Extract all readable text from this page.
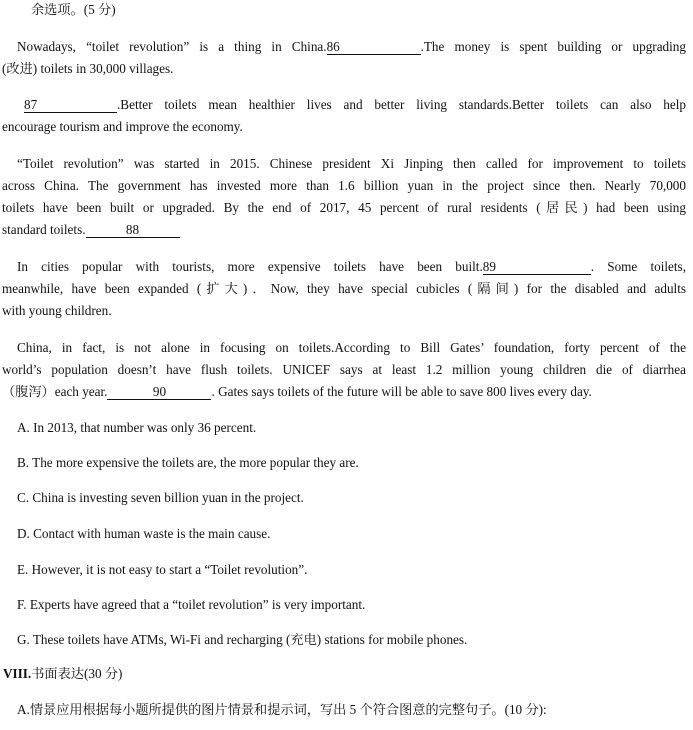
余选项。(5 分)
Nowadays, “toilet revolution” is a thing in China.86	.The money is spent building or upgrading
(改进) toilets in 30,000 villages.
87	.Better toilets mean healthier lives and better living standards.Better toilets can also help
encourage tourism and improve the economy.
“Toilet revolution” was started in 2015. Chinese president Xi Jinping then called for improvement to toilets
across China. The government has invested more than 1.6 billion yuan in the project since then. Nearly 70,000
toilets have been built or upgraded. By the end of 2017, 45 percent of rural residents (居民) had been using
standard toilets.	88
In cities popular with tourists, more expensive toilets have been built.89	. Some toilets,
meanwhile, have been expanded (扩大)．Now, they have special cubicles (隔间) for the disabled and adults
with young children.
China, in fact, is not alone in focusing on toilets.According to Bill Gates’ foundation, forty percent of the
world’s population doesn’t have flush toilets. UNICEF says at least 1.2 million young children die of diarrhea
（腹泻）each year.	90	. Gates says toilets of the future will be able to save 800 lives every day.
A. In 2013, that number was only 36 percent.
B. The more expensive the toilets are, the more popular they are.
C. China is investing seven billion yuan in the project.
D. Contact with human waste is the main cause.
E. However, it is not easy to start a “Toilet revolution”.
F. Experts have agreed that a “toilet revolution” is very important.
G. These toilets have ATMs, Wi-Fi and recharging (充电) stations for mobile phones.
VIII.书面表达(30 分)
A.情景应用根据每小题所提供的图片情景和提示词，写出 5 个符合图意的完整句子。(10 分):
